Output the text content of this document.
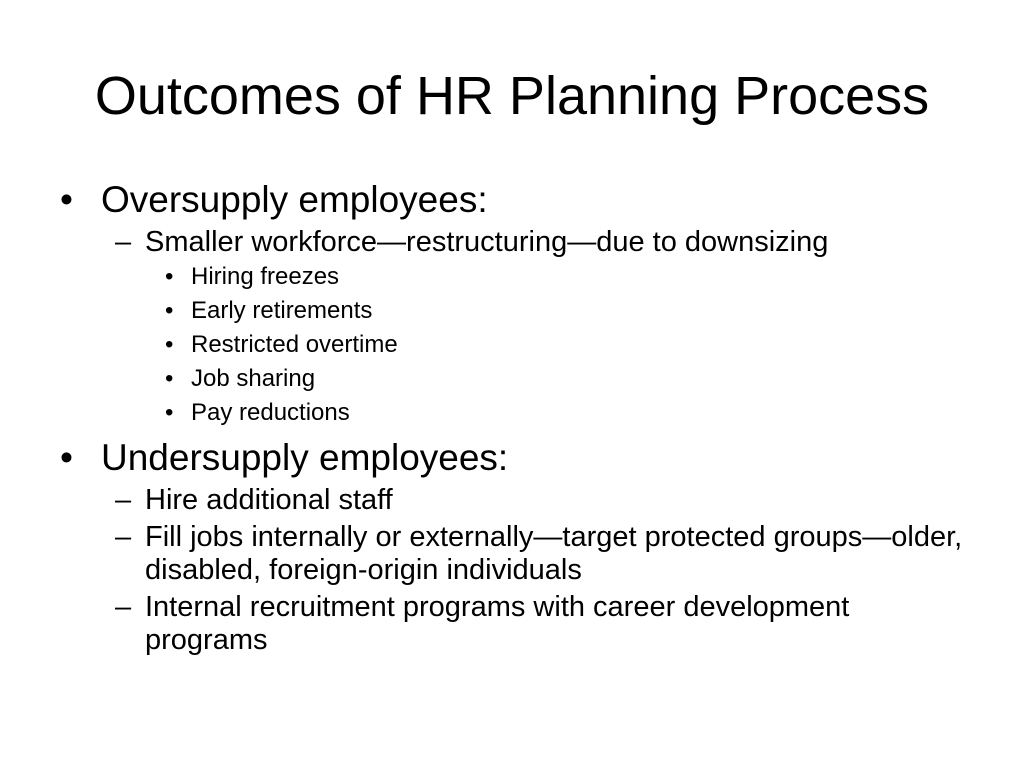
Outcomes of HR Planning Process
• Oversupply employees:
– Smaller workforce—restructuring—due to downsizing
• Hiring freezes
• Early retirements
• Restricted overtime
• Job sharing
• Pay reductions
• Undersupply employees:
– Hire additional staff
– Fill jobs internally or externally—target protected groups—older, disabled, foreign-origin individuals
– Internal recruitment programs with career development programs
